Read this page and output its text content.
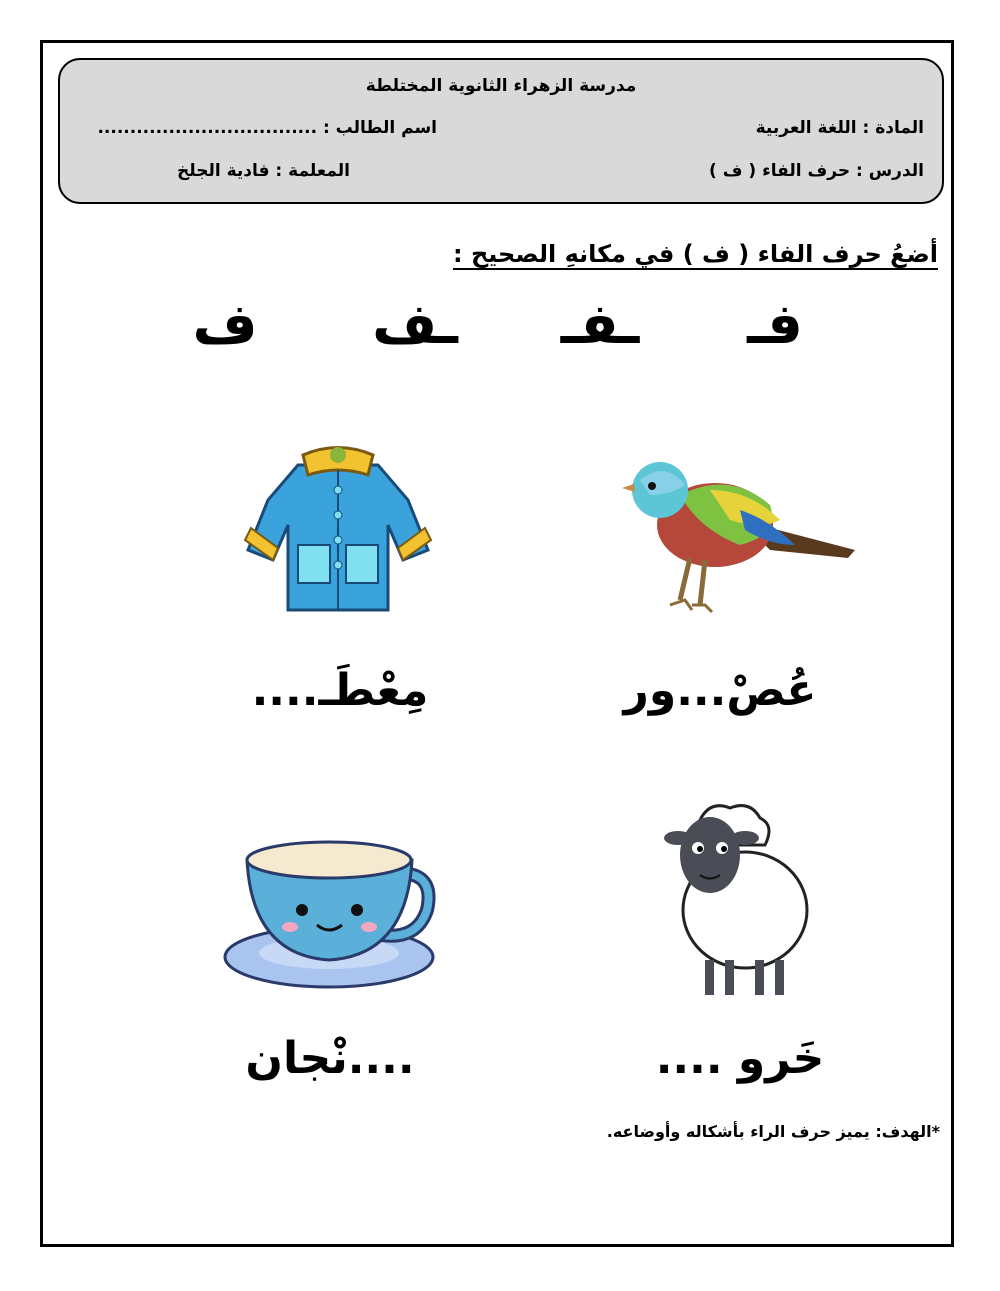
مدرسة الزهراء الثانوية المختلطة
المادة : اللغة العربية
اسم الطالب : ..................................
الدرس : حرف الفاء ( ف )
المعلمة : فادية الجلخ
أضعُ حرف الفاء ( ف ) في مكانهِ الصحيح :
فـ
ـفـ
ـف
ف
عُصْ...ور
مِعْطَـ....
خَرو ....
....نْجان
*الهدف: يميز حرف الراء بأشكاله وأوضاعه.
